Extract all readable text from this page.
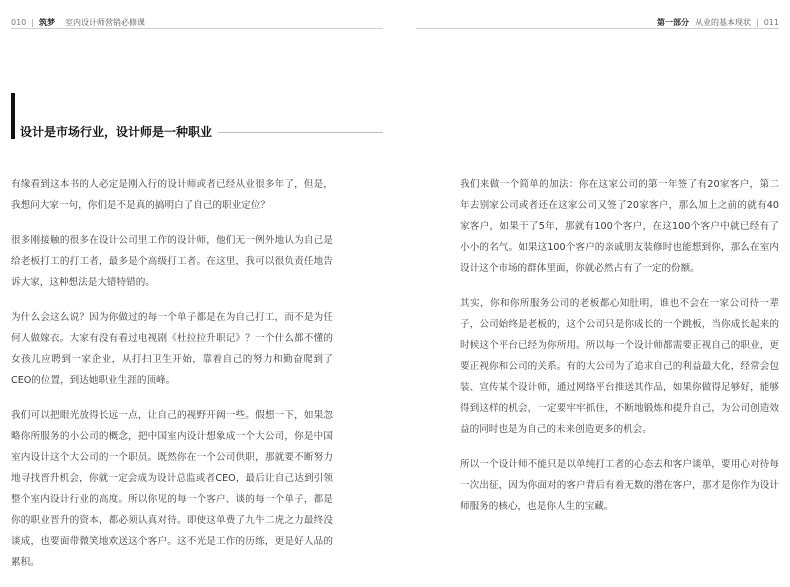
010 | 筑梦 室内设计师营销必修课	第一部分 从业的基本现状 | 011
设计是市场行业，设计师是一种职业

有缘看到这本书的人必定是刚入行的设计师或者已经从业很多年了，但是，我想问大家一句，你们是不是真的搞明白了自己的职业定位？

很多刚接触的很多在设计公司里工作的设计师，他们无一例外地认为自己是给老板打工的打工者，最多是个高级打工者。在这里，我可以很负责任地告诉大家，这种想法是大错特错的。

为什么会这么说？因为你做过的每一个单子都是在为自己打工，而不是为任何人做嫁衣。大家有没有看过电视剧《杜拉拉升职记》？一个什么都不懂的女孩儿应聘到一家企业，从打扫卫生开始，靠着自己的努力和勤奋爬到了CEO的位置，到达她职业生涯的顶峰。

我们可以把眼光放得长远一点，让自己的视野开阔一些。假想一下，如果忽略你所服务的小公司的概念，把中国室内设计想象成一个大公司，你是中国室内设计这个大公司的一个职员。既然你在一个公司供职，那就要不断努力地寻找晋升机会，你就一定会成为设计总监或者CEO，最后让自己达到引领整个室内设计行业的高度。所以你见的每一个客户、谈的每一个单子，都是你的职业晋升的资本，都必须认真对待。即使这单费了九牛二虎之力最终没谈成，也要面带微笑地欢送这个客户。这不光是工作的历练，更是好人品的累积。

我们来做一个简单的加法：你在这家公司的第一年签了有20家客户，第二年去别家公司或者还在这家公司又签了20家客户，那么加上之前的就有40家客户，如果干了5年，那就有100个客户，在这100个客户中就已经有了小小的名气。如果这100个客户的亲戚朋友装修时也能想到你，那么在室内设计这个市场的群体里面，你就必然占有了一定的份额。

其实，你和你所服务公司的老板都心知肚明，谁也不会在一家公司待一辈子，公司始终是老板的，这个公司只是你成长的一个跳板，当你成长起来的时候这个平台已经为你所用。所以每一个设计师都需要正视自己的职业，更要正视你和公司的关系。有的大公司为了追求自己的利益最大化，经常会包装、宣传某个设计师，通过网络平台推送其作品，如果你做得足够好，能够得到这样的机会，一定要牢牢抓住，不断地锻炼和提升自己，为公司创造效益的同时也是为自己的未来创造更多的机会。

所以一个设计师不能只是以单纯打工者的心态去和客户谈单，要用心对待每一次出征，因为你面对的客户背后有着无数的潜在客户，那才是你作为设计师服务的核心，也是你人生的宝藏。
